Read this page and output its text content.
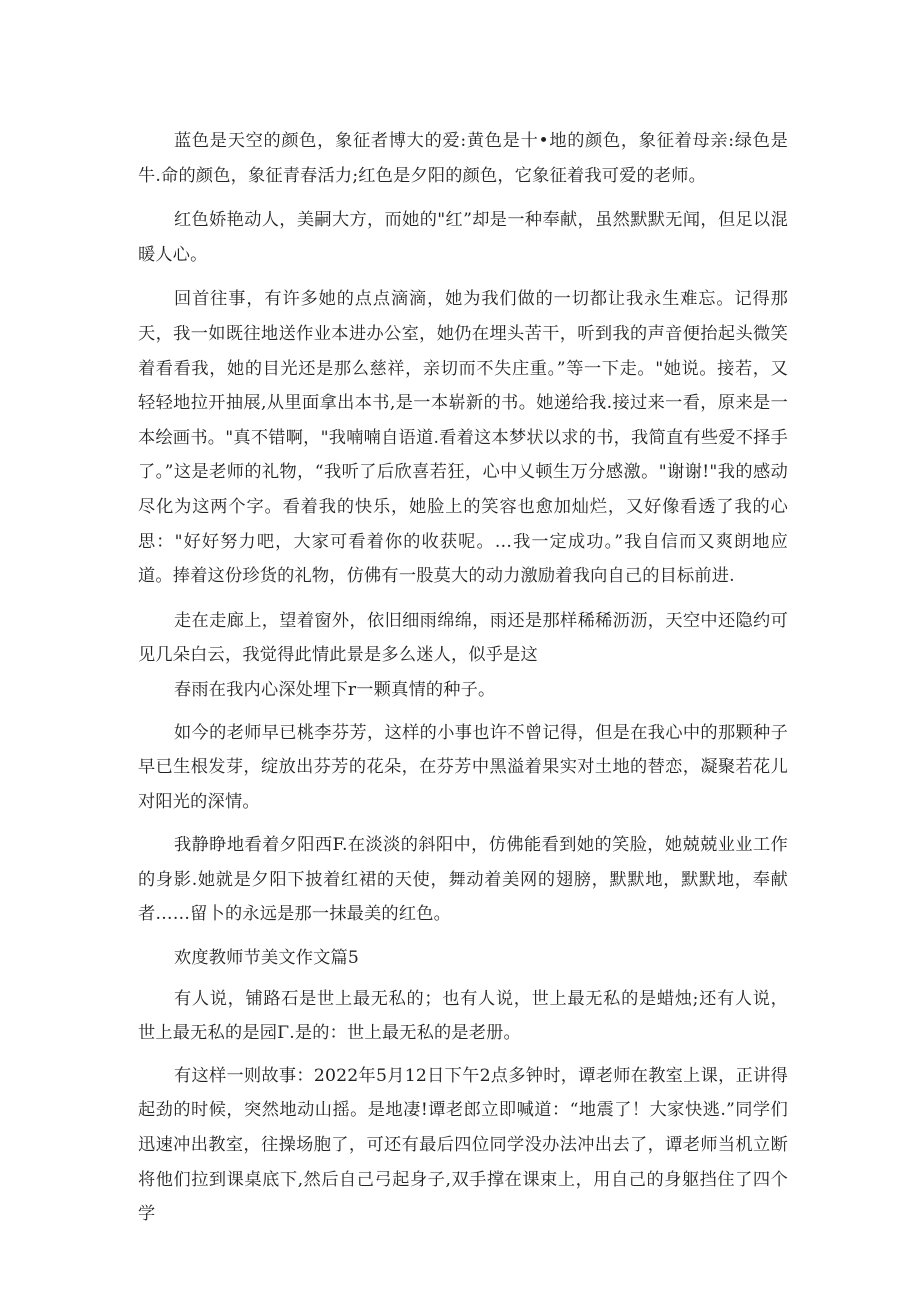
蓝色是天空的颜色，象征者博大的爱:黄色是十•地的颜色，象征着母亲:绿色是牛.命的颜色，象征青春活力;红色是夕阳的颜色，它象征着我可爱的老师。

红色娇艳动人，美嗣大方，而她的"红”却是一种奉献，虽然默默无闻，但足以混暖人心。

回首往事，有许多她的点点滴滴，她为我们做的一切都让我永生难忘。记得那天，我一如既往地送作业本进办公室，她仍在埋头苦干，听到我的声音便抬起头微笑着看看我，她的目光还是那么慈祥，亲切而不失庄重。”等一下走。"她说。接若，又轻轻地拉开抽展,从里面拿出本书,是一本崭新的书。她递给我.接过来一看，原来是一本绘画书。"真不错啊，"我喃喃自语道.看着这本梦状以求的书，我简直有些爱不择手了。”这是老师的礼物，“我听了后欣喜若狂，心中乂顿生万分感激。"谢谢!"我的感动尽化为这两个字。看着我的快乐，她脸上的笑容也愈加灿烂，又好像看透了我的心思："好好努力吧，大家可看着你的收获呢。…我一定成功。”我自信而又爽朗地应道。捧着这份珍货的礼物，仿佛有一股莫大的动力激励着我向自己的目标前进.

走在走廊上，望着窗外，依旧细雨绵绵，雨还是那样稀稀沥沥，天空中还隐约可见几朵白云，我觉得此情此景是多么迷人，似乎是这

春雨在我内心深处埋下r一颗真情的种子。

如今的老师早已桃李芬芳，这样的小事也许不曾记得，但是在我心中的那颗种子早已生根发芽，绽放出芬芳的花朵，在芬芳中黑溢着果实对土地的替恋，凝聚若花儿对阳光的深情。

我静睁地看着夕阳西F.在淡淡的斜阳中，仿佛能看到她的笑脸，她兢兢业业工作的身影.她就是夕阳下披着红裙的天使，舞动着美网的翅膀，默默地，默默地，奉献者……留卜的永远是那一抹最美的红色。

欢度教师节美文作文篇5

有人说，铺路石是世上最无私的；也有人说，世上最无私的是蜡烛;还有人说，世上最无私的是园Γ.是的：世上最无私的是老册。

有这样一则故事：2022年5月12日下午2点多钟时，谭老师在教室上课，正讲得起劲的时候，突然地动山摇。是地凄!谭老郎立即喊道：“地震了！大家快逃.”同学们迅速冲出教室，往操场胞了，可还有最后四位同学没办法冲出去了，谭老师当机立断将他们拉到课桌底下,然后自己弓起身子,双手撑在课束上，用自己的身躯挡住了四个学
